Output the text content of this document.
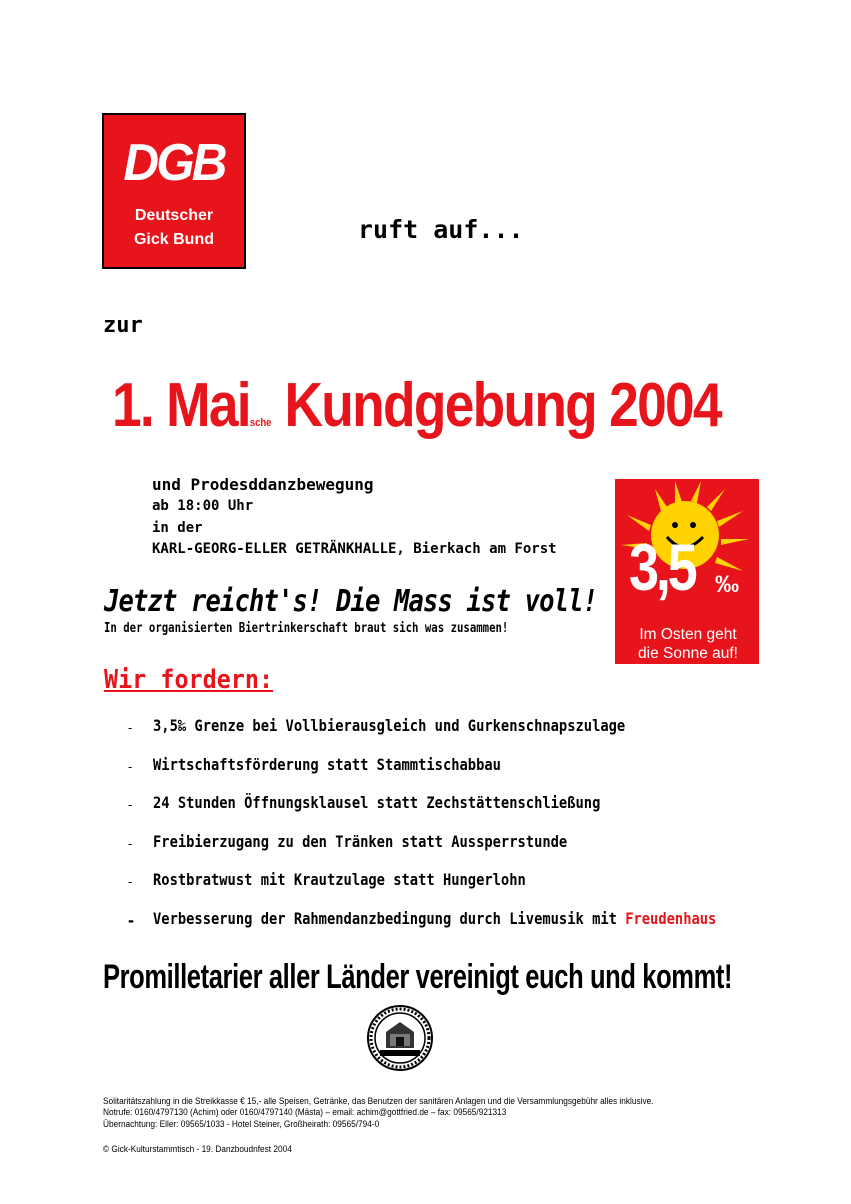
DGB
Deutscher
Gick Bund	ruft auf...
zur
1. Maische Kundgebung 2004
und Prodesddanzbewegung
ab 18:00 Uhr
in der
KARL-GEORG-ELLER GETRÄNKHALLE, Bierkach am Forst 3,5 ‰
Im Osten geht
die Sonne auf!
Jetzt reicht's! Die Mass ist voll!
In der organisierten Biertrinkerschaft braut sich was zusammen!
Wir fordern:
- 3,5‰ Grenze bei Vollbierausgleich und Gurkenschnapszulage
- Wirtschaftsförderung statt Stammtischabbau
- 24 Stunden Öffnungsklausel statt Zechstättenschließung
- Freibierzugang zu den Tränken statt Aussperrstunde
- Rostbratwust mit Krautzulage statt Hungerlohn
- Verbesserung der Rahmendanzbedingung durch Livemusik mit Freudenhaus
Promilletarier aller Länder vereinigt euch und kommt!
Solitaritätszahlung in die Streikkasse € 15,- alle Speisen, Getränke, das Benutzen der sanitären Anlagen und die Versammlungsgebühr alles inklusive.
Notrufe: 0160/4797130 (Achim) oder 0160/4797140 (Mästa) – email: achim@gottfried.de – fax: 09565/921313
Übernachtung: Eller: 09565/1033 - Hotel Steiner, Großheirath: 09565/794-0
© Gick-Kulturstammtisch - 19. Danzboudnfest 2004
